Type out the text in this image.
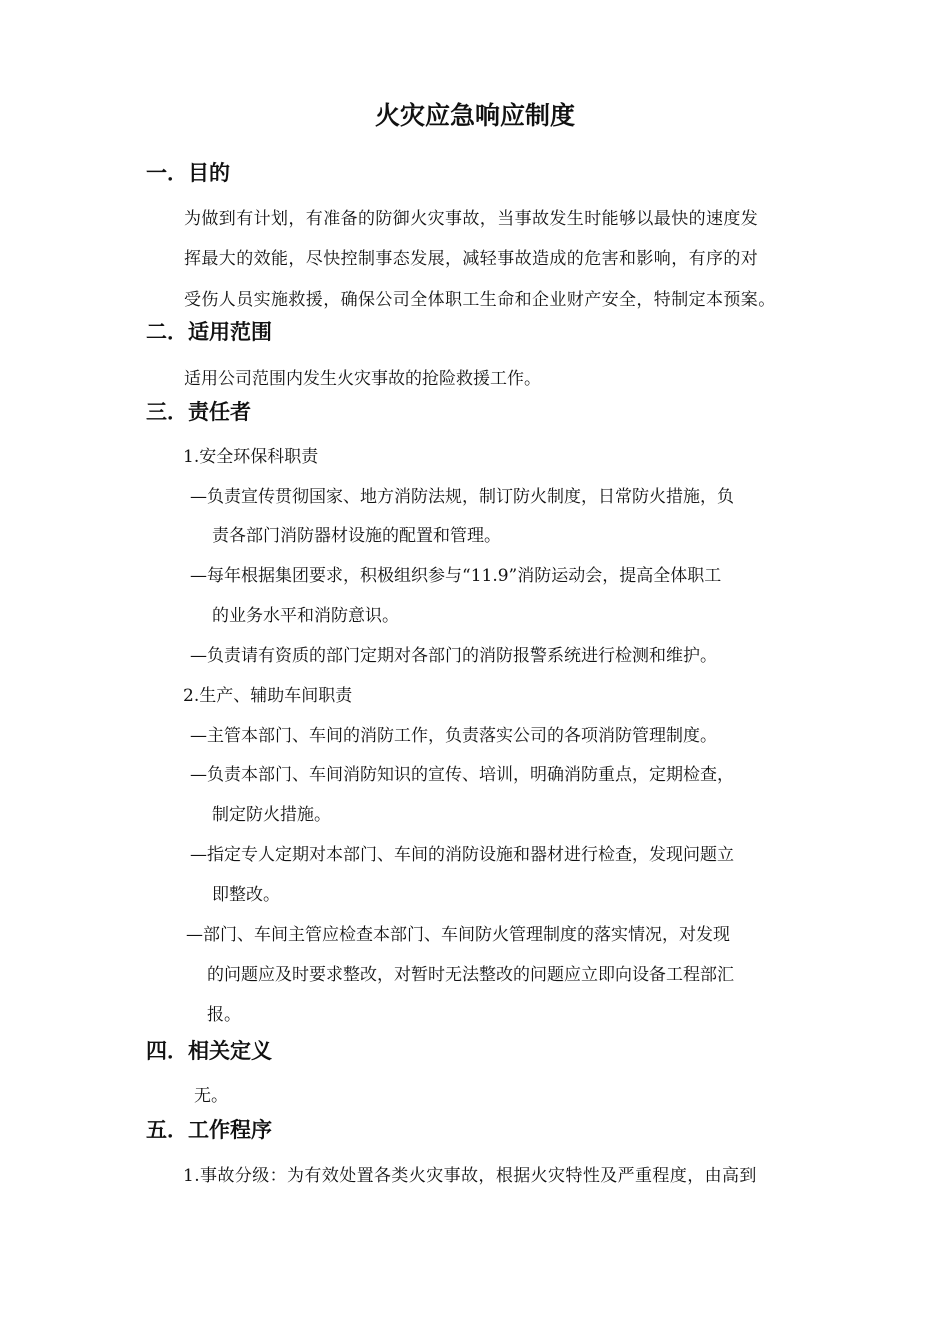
火灾应急响应制度
一．目的
为做到有计划，有准备的防御火灾事故，当事故发生时能够以最快的速度发
挥最大的效能，尽快控制事态发展，减轻事故造成的危害和影响，有序的对
受伤人员实施救援，确保公司全体职工生命和企业财产安全，特制定本预案。
二．适用范围
适用公司范围内发生火灾事故的抢险救援工作。
三．责任者
1.安全环保科职责
—负责宣传贯彻国家、地方消防法规，制订防火制度，日常防火措施，负
责各部门消防器材设施的配置和管理。
—每年根据集团要求，积极组织参与“11.9”消防运动会，提高全体职工
的业务水平和消防意识。
—负责请有资质的部门定期对各部门的消防报警系统进行检测和维护。
2.生产、辅助车间职责
—主管本部门、车间的消防工作，负责落实公司的各项消防管理制度。
—负责本部门、车间消防知识的宣传、培训，明确消防重点，定期检查，
制定防火措施。
—指定专人定期对本部门、车间的消防设施和器材进行检查，发现问题立
即整改。
—部门、车间主管应检查本部门、车间防火管理制度的落实情况，对发现
的问题应及时要求整改，对暂时无法整改的问题应立即向设备工程部汇
报。
四．相关定义
无。
五．工作程序
1.事故分级：为有效处置各类火灾事故，根据火灾特性及严重程度，由高到
